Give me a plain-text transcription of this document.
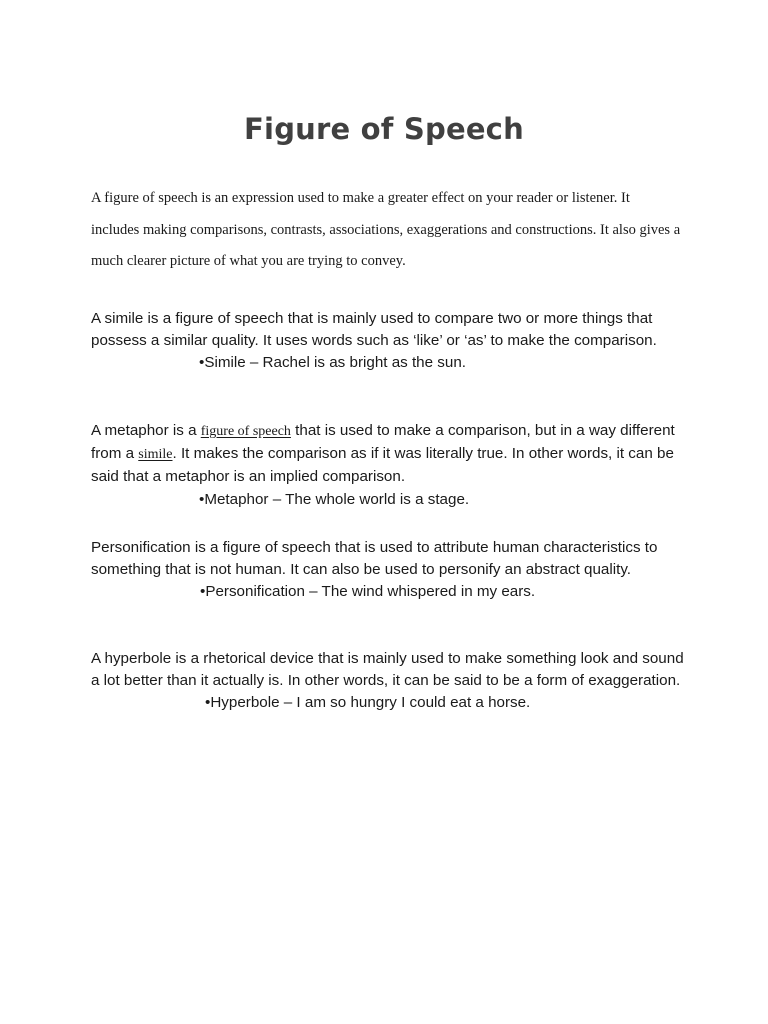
Figure of Speech
A figure of speech is an expression used to make a greater effect on your reader or listener. It includes making comparisons, contrasts, associations, exaggerations and constructions. It also gives a much clearer picture of what you are trying to convey.

A simile is a figure of speech that is mainly used to compare two or more things that possess a similar quality. It uses words such as ‘like’ or ‘as’ to make the comparison.

•Simile – Rachel is as bright as the sun.

A metaphor is a figure of speech that is used to make a comparison, but in a way different from a simile. It makes the comparison as if it was literally true. In other words, it can be said that a metaphor is an implied comparison.

•Metaphor – The whole world is a stage.

Personification is a figure of speech that is used to attribute human characteristics to something that is not human. It can also be used to personify an abstract quality.

•Personification – The wind whispered in my ears.

A hyperbole is a rhetorical device that is mainly used to make something look and sound a lot better than it actually is. In other words, it can be said to be a form of exaggeration.

•Hyperbole – I am so hungry I could eat a horse.
